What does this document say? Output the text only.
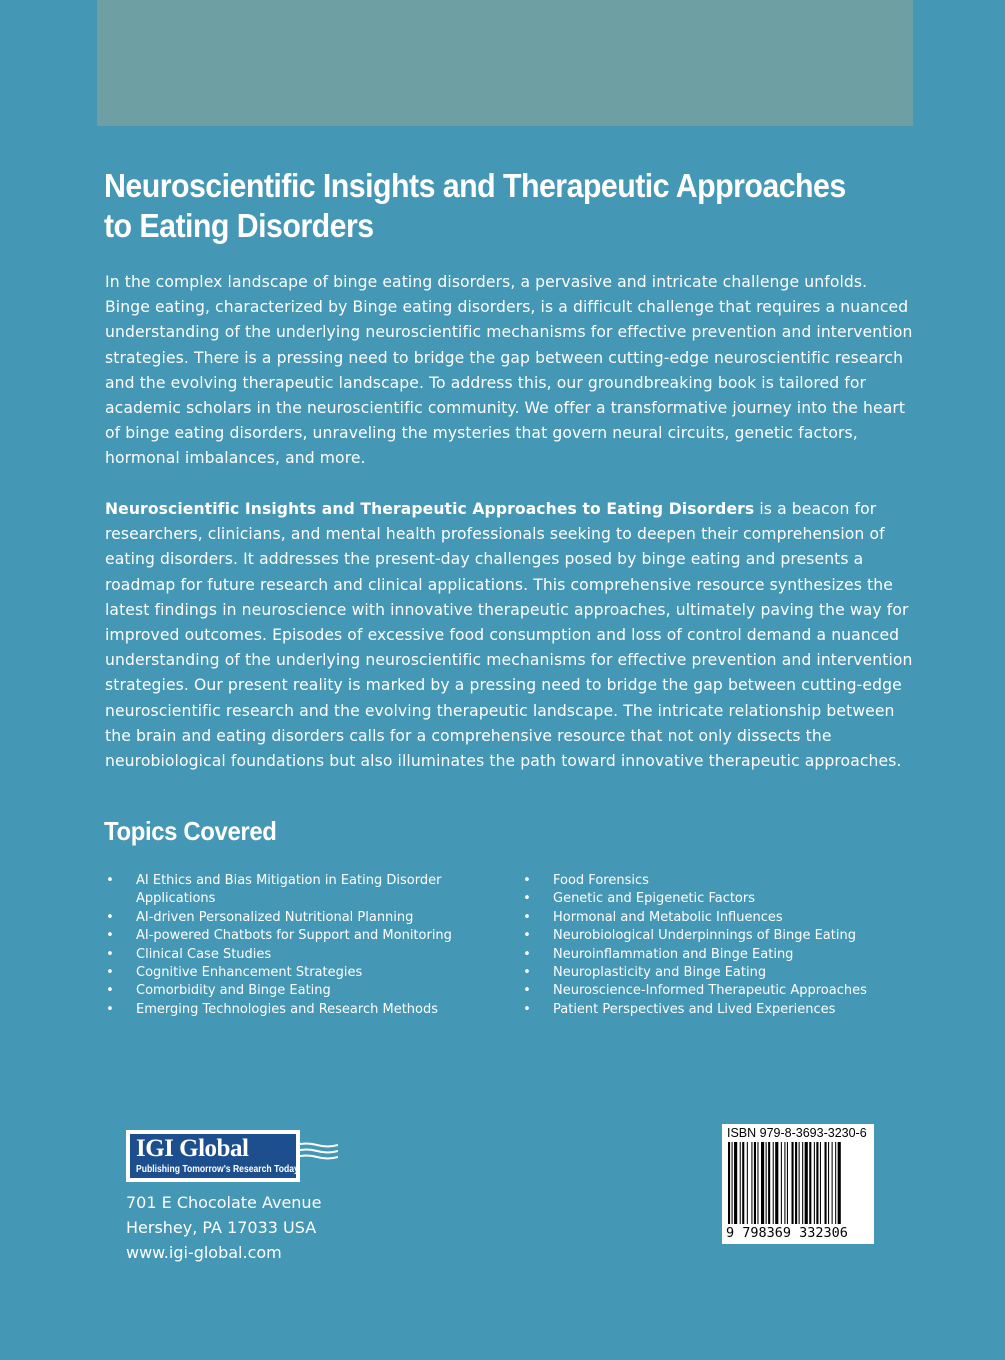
Neuroscientific Insights and Therapeutic Approaches
to Eating Disorders

In the complex landscape of binge eating disorders, a pervasive and intricate challenge unfolds. Binge eating, characterized by Binge eating disorders, is a difficult challenge that requires a nuanced understanding of the underlying neuroscientific mechanisms for effective prevention and intervention strategies. There is a pressing need to bridge the gap between cutting-edge neuroscientific research and the evolving therapeutic landscape. To address this, our groundbreaking book is tailored for academic scholars in the neuroscientific community. We offer a transformative journey into the heart of binge eating disorders, unraveling the mysteries that govern neural circuits, genetic factors, hormonal imbalances, and more.

Neuroscientific Insights and Therapeutic Approaches to Eating Disorders is a beacon for researchers, clinicians, and mental health professionals seeking to deepen their comprehension of eating disorders. It addresses the present-day challenges posed by binge eating and presents a roadmap for future research and clinical applications. This comprehensive resource synthesizes the latest findings in neuroscience with innovative therapeutic approaches, ultimately paving the way for improved outcomes. Episodes of excessive food consumption and loss of control demand a nuanced understanding of the underlying neuroscientific mechanisms for effective prevention and intervention strategies. Our present reality is marked by a pressing need to bridge the gap between cutting-edge neuroscientific research and the evolving therapeutic landscape. The intricate relationship between the brain and eating disorders calls for a comprehensive resource that not only dissects the neurobiological foundations but also illuminates the path toward innovative therapeutic approaches.

Topics Covered
• AI Ethics and Bias Mitigation in Eating Disorder Applications
• AI-driven Personalized Nutritional Planning
• AI-powered Chatbots for Support and Monitoring
• Clinical Case Studies
• Cognitive Enhancement Strategies
• Comorbidity and Binge Eating
• Emerging Technologies and Research Methods
• Food Forensics
• Genetic and Epigenetic Factors
• Hormonal and Metabolic Influences
• Neurobiological Underpinnings of Binge Eating
• Neuroinflammation and Binge Eating
• Neuroplasticity and Binge Eating
• Neuroscience-Informed Therapeutic Approaches
• Patient Perspectives and Lived Experiences
IGI Global
Publishing Tomorrow's Research Today

701 E Chocolate Avenue
Hershey, PA 17033 USA
www.igi-global.com

ISBN 979-8-3693-3230-6
9 798369 332306
